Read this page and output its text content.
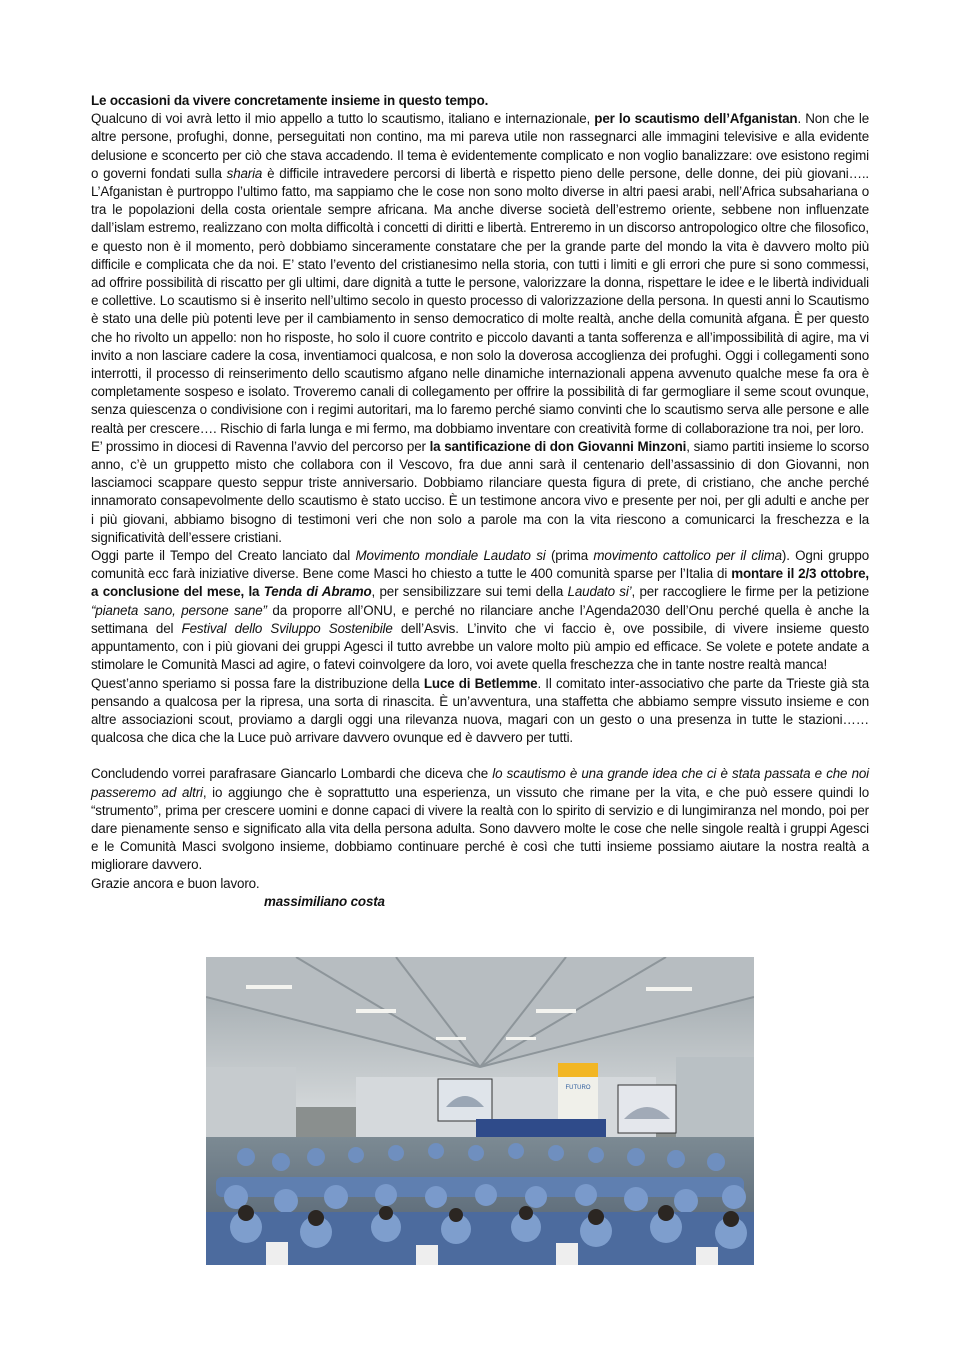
Le occasioni da vivere concretamente insieme in questo tempo.

Qualcuno di voi avrà letto il mio appello a tutto lo scautismo, italiano e internazionale, per lo scautismo dell’Afganistan. Non che le altre persone, profughi, donne, perseguitati non contino, ma mi pareva utile non rassegnarci alle immagini televisive e alla evidente delusione e sconcerto per ciò che stava accadendo. Il tema è evidentemente complicato e non voglio banalizzare: ove esistono regimi o governi fondati sulla sharia è difficile intravedere percorsi di libertà e rispetto pieno delle persone, delle donne, dei più giovani….. L’Afganistan è purtroppo l’ultimo fatto, ma sappiamo che le cose non sono molto diverse in altri paesi arabi, nell’Africa subsahariana o tra le popolazioni della costa orientale sempre africana. Ma anche diverse società dell’estremo oriente, sebbene non influenzate dall’islam estremo, realizzano con molta difficoltà i concetti di diritti e libertà. Entreremo in un discorso antropologico oltre che filosofico, e questo non è il momento, però dobbiamo sinceramente constatare che per la grande parte del mondo la vita è davvero molto più difficile e complicata che da noi. E’ stato l’evento del cristianesimo nella storia, con tutti i limiti e gli errori che pure si sono commessi, ad offrire possibilità di riscatto per gli ultimi, dare dignità a tutte le persone, valorizzare la donna, rispettare le idee e le libertà individuali e collettive. Lo scautismo si è inserito nell’ultimo secolo in questo processo di valorizzazione della persona. In questi anni lo Scautismo è stato una delle più potenti leve per il cambiamento in senso democratico di molte realtà, anche della comunità afgana. È per questo che ho rivolto un appello: non ho risposte, ho solo il cuore contrito e piccolo davanti a tanta sofferenza e all’impossibilità di agire, ma vi invito a non lasciare cadere la cosa, inventiamoci qualcosa, e non solo la doverosa accoglienza dei profughi. Oggi i collegamenti sono interrotti, il processo di reinserimento dello scautismo afgano nelle dinamiche internazionali appena avvenuto qualche mese fa ora è completamente sospeso e isolato. Troveremo canali di collegamento per offrire la possibilità di far germogliare il seme scout ovunque, senza quiescenza o condivisione con i regimi autoritari, ma lo faremo perché siamo convinti che lo scautismo serva alle persone e alle realtà per crescere…. Rischio di farla lunga e mi fermo, ma dobbiamo inventare con creatività forme di collaborazione tra noi, per loro.

E’ prossimo in diocesi di Ravenna l’avvio del percorso per la santificazione di don Giovanni Minzoni, siamo partiti insieme lo scorso anno, c’è un gruppetto misto che collabora con il Vescovo, fra due anni sarà il centenario dell’assassinio di don Giovanni, non lasciamoci scappare questo seppur triste anniversario. Dobbiamo rilanciare questa figura di prete, di cristiano, che anche perché innamorato consapevolmente dello scautismo è stato ucciso. È un testimone ancora vivo e presente per noi, per gli adulti e anche per i più giovani, abbiamo bisogno di testimoni veri che non solo a parole ma con la vita riescono a comunicarci la freschezza e la significatività dell’essere cristiani.

Oggi parte il Tempo del Creato lanciato dal Movimento mondiale Laudato si (prima movimento cattolico per il clima). Ogni gruppo comunità ecc farà iniziative diverse. Bene come Masci ho chiesto a tutte le 400 comunità sparse per l’Italia di montare il 2/3 ottobre, a conclusione del mese, la Tenda di Abramo, per sensibilizzare sui temi della Laudato si’, per raccogliere le firme per la petizione “pianeta sano, persone sane” da proporre all’ONU, e perché no rilanciare anche l’Agenda2030 dell’Onu perché quella è anche la settimana del Festival dello Sviluppo Sostenibile dell’Asvis. L’invito che vi faccio è, ove possibile, di vivere insieme questo appuntamento, con i più giovani dei gruppi Agesci il tutto avrebbe un valore molto più ampio ed efficace. Se volete e potete andate a stimolare le Comunità Masci ad agire, o fatevi coinvolgere da loro, voi avete quella freschezza che in tante nostre realtà manca!

Quest’anno speriamo si possa fare la distribuzione della Luce di Betlemme. Il comitato inter-associativo che parte da Trieste già sta pensando a qualcosa per la ripresa, una sorta di rinascita. È un’avventura, una staffetta che abbiamo sempre vissuto insieme e con altre associazioni scout, proviamo a dargli oggi una rilevanza nuova, magari con un gesto o una presenza in tutte le stazioni…… qualcosa che dica che la Luce può arrivare davvero ovunque ed è davvero per tutti.

Concludendo vorrei parafrasare Giancarlo Lombardi che diceva che lo scautismo è una grande idea che ci è stata passata e che noi passeremo ad altri, io aggiungo che è soprattutto una esperienza, un vissuto che rimane per la vita, e che può essere quindi lo “strumento”, prima per crescere uomini e donne capaci di vivere la realtà con lo spirito di servizio e di lungimiranza nel mondo, poi per dare pienamente senso e significato alla vita della persona adulta. Sono davvero molte le cose che nelle singole realtà i gruppi Agesci e le Comunità Masci svolgono insieme, dobbiamo continuare perché è così che tutti insieme possiamo aiutare la nostra realtà a migliorare davvero.

Grazie ancora e buon lavoro.

massimiliano costa

FUTURO
